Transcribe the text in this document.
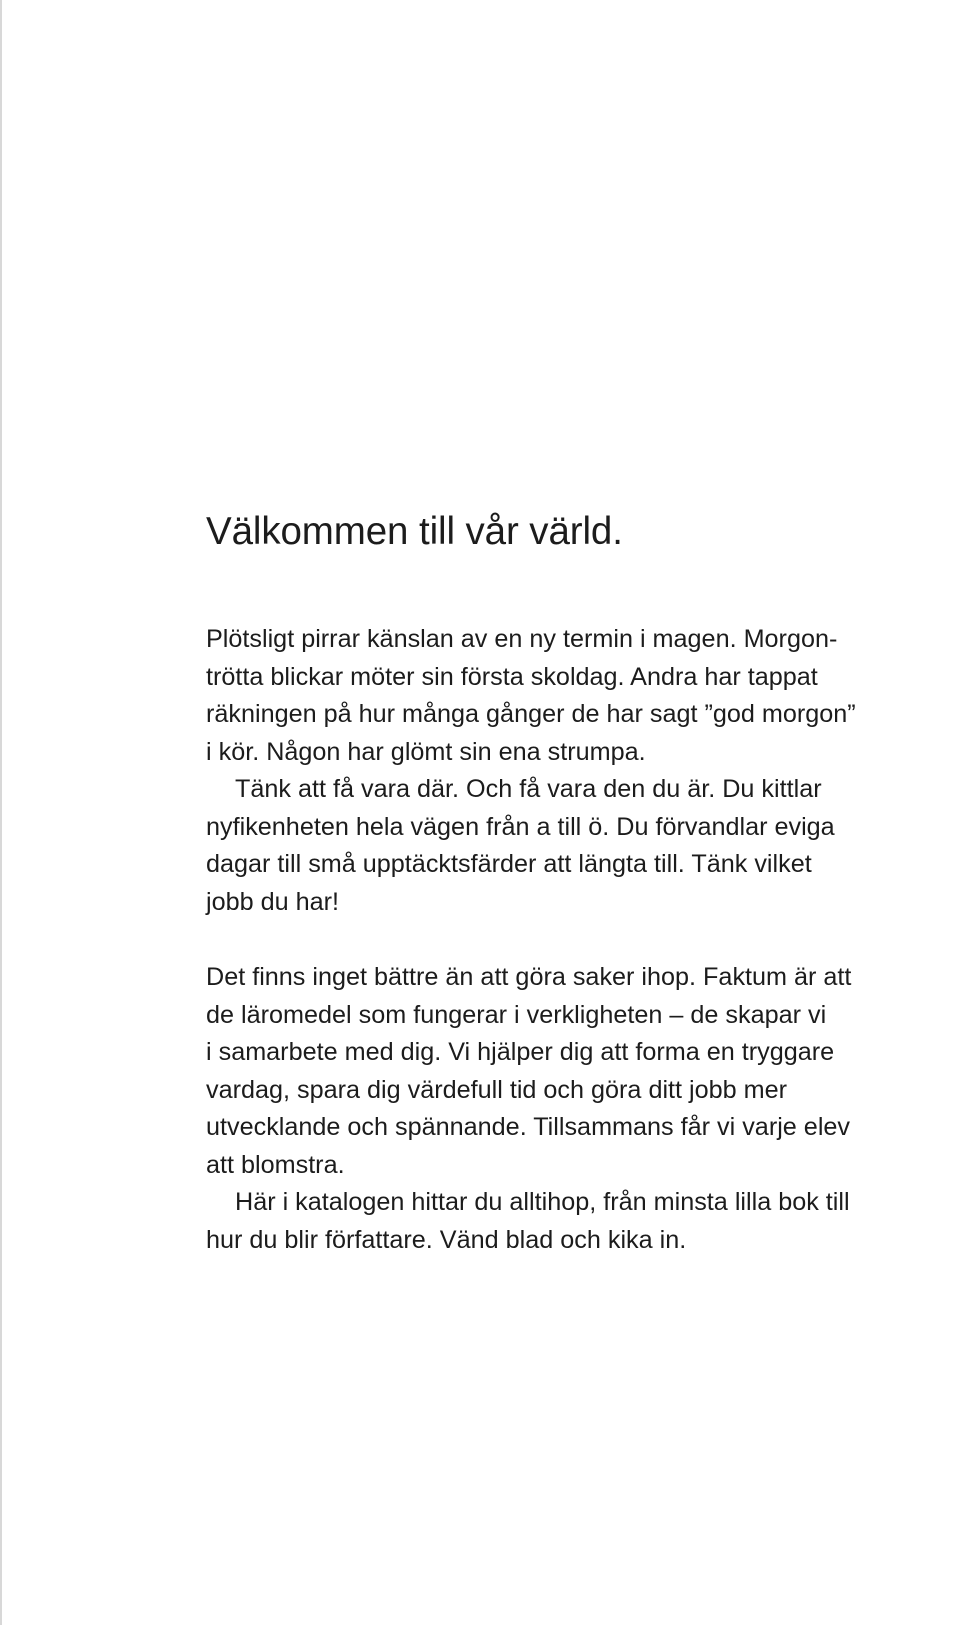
Välkommen till vår värld.
Plötsligt pirrar känslan av en ny termin i magen. Morgon-
trötta blickar möter sin första skoldag. Andra har tappat
räkningen på hur många gånger de har sagt ”god morgon”
i kör. Någon har glömt sin ena strumpa.
Tänk att få vara där. Och få vara den du är. Du kittlar
nyfikenheten hela vägen från a till ö. Du förvandlar eviga
dagar till små upptäcktsfärder att längta till. Tänk vilket
jobb du har!
Det finns inget bättre än att göra saker ihop. Faktum är att
de läromedel som fungerar i verkligheten – de skapar vi
i samarbete med dig. Vi hjälper dig att forma en tryggare
vardag, spara dig värdefull tid och göra ditt jobb mer
utvecklande och spännande. Tillsammans får vi varje elev
att blomstra.
Här i katalogen hittar du alltihop, från minsta lilla bok till
hur du blir författare. Vänd blad och kika in.
